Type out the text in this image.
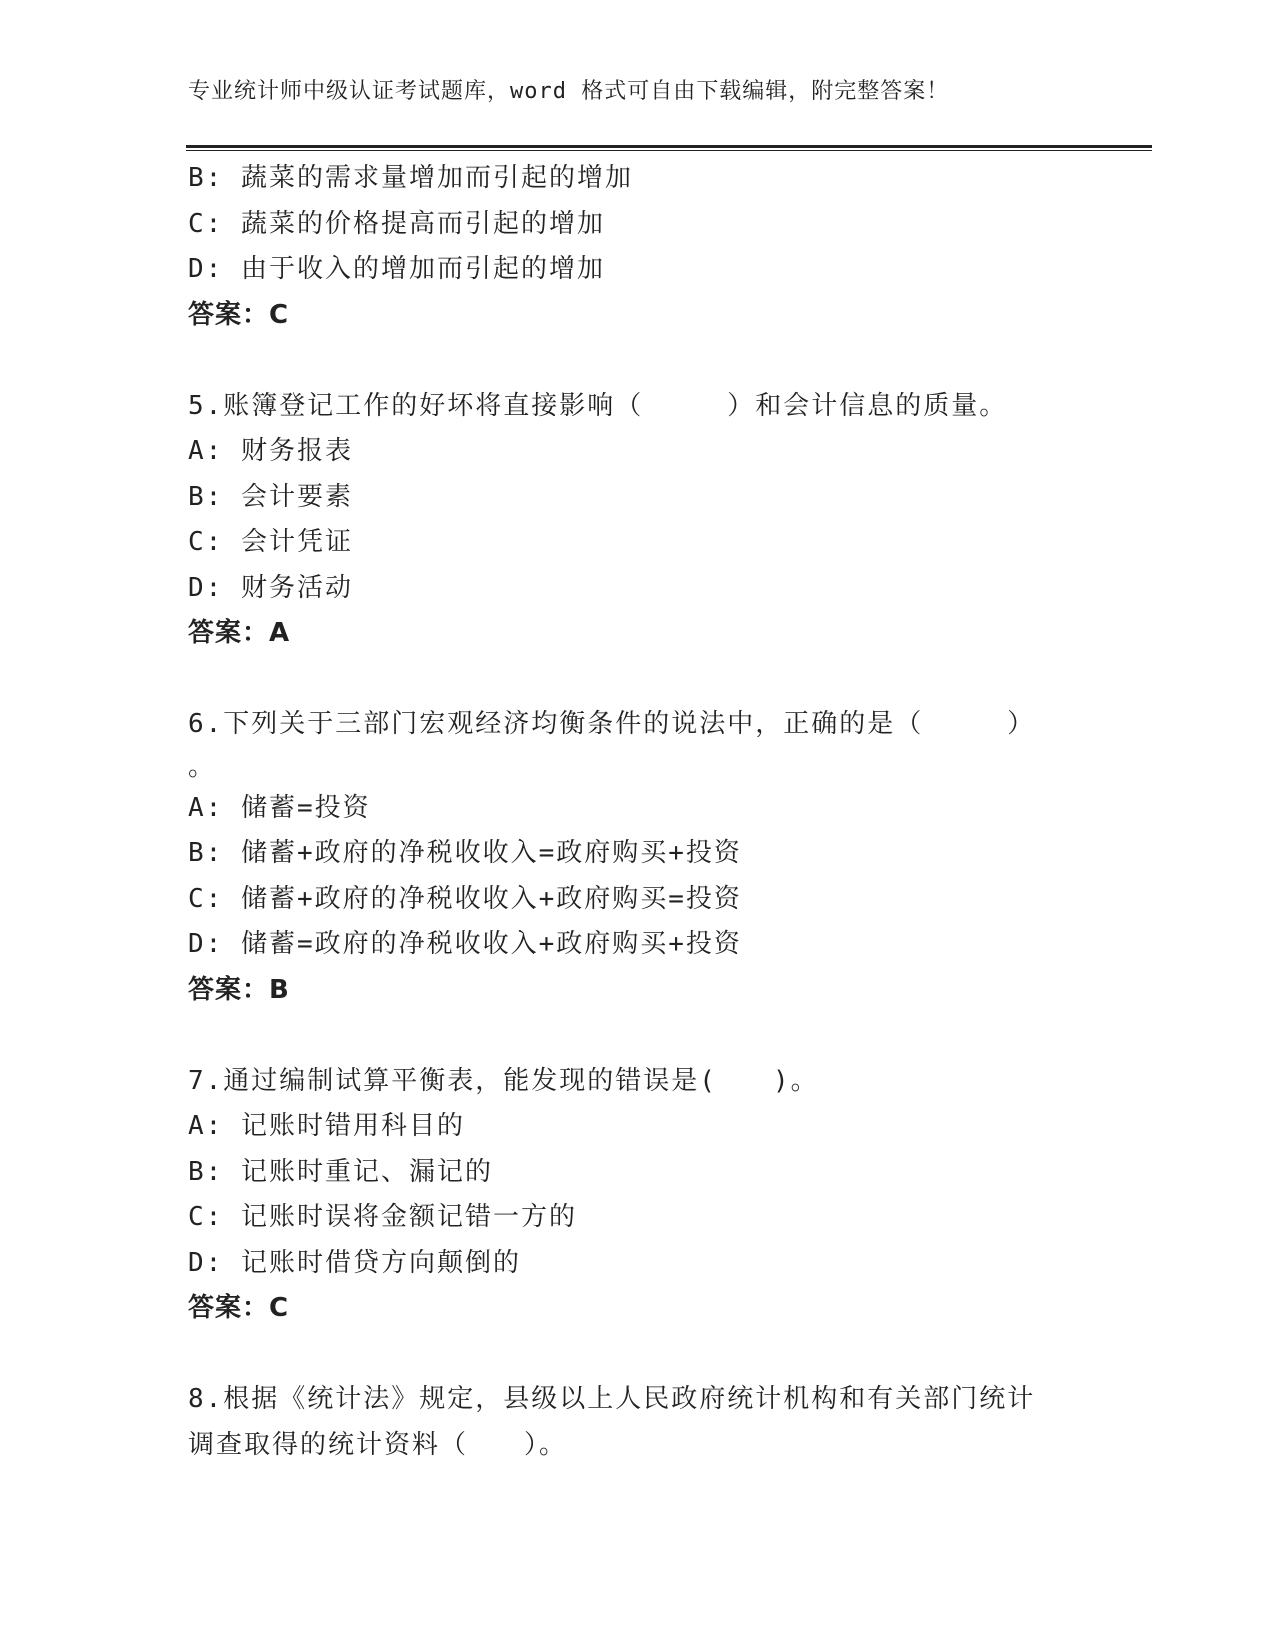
专业统计师中级认证考试题库，word 格式可自由下载编辑，附完整答案！
B: 蔬菜的需求量增加而引起的增加
C: 蔬菜的价格提高而引起的增加
D: 由于收入的增加而引起的增加
答案：C
5.账簿登记工作的好坏将直接影响（　　　）和会计信息的质量。
A: 财务报表
B: 会计要素
C: 会计凭证
D: 财务活动
答案：A
6.下列关于三部门宏观经济均衡条件的说法中，正确的是（　　　）
。
A: 储蓄=投资
B: 储蓄+政府的净税收收入=政府购买+投资
C: 储蓄+政府的净税收收入+政府购买=投资
D: 储蓄=政府的净税收收入+政府购买+投资
答案：B
7.通过编制试算平衡表，能发现的错误是(　　)。
A: 记账时错用科目的
B: 记账时重记、漏记的
C: 记账时误将金额记错一方的
D: 记账时借贷方向颠倒的
答案：C
8.根据《统计法》规定，县级以上人民政府统计机构和有关部门统计
调查取得的统计资料（　　）。
